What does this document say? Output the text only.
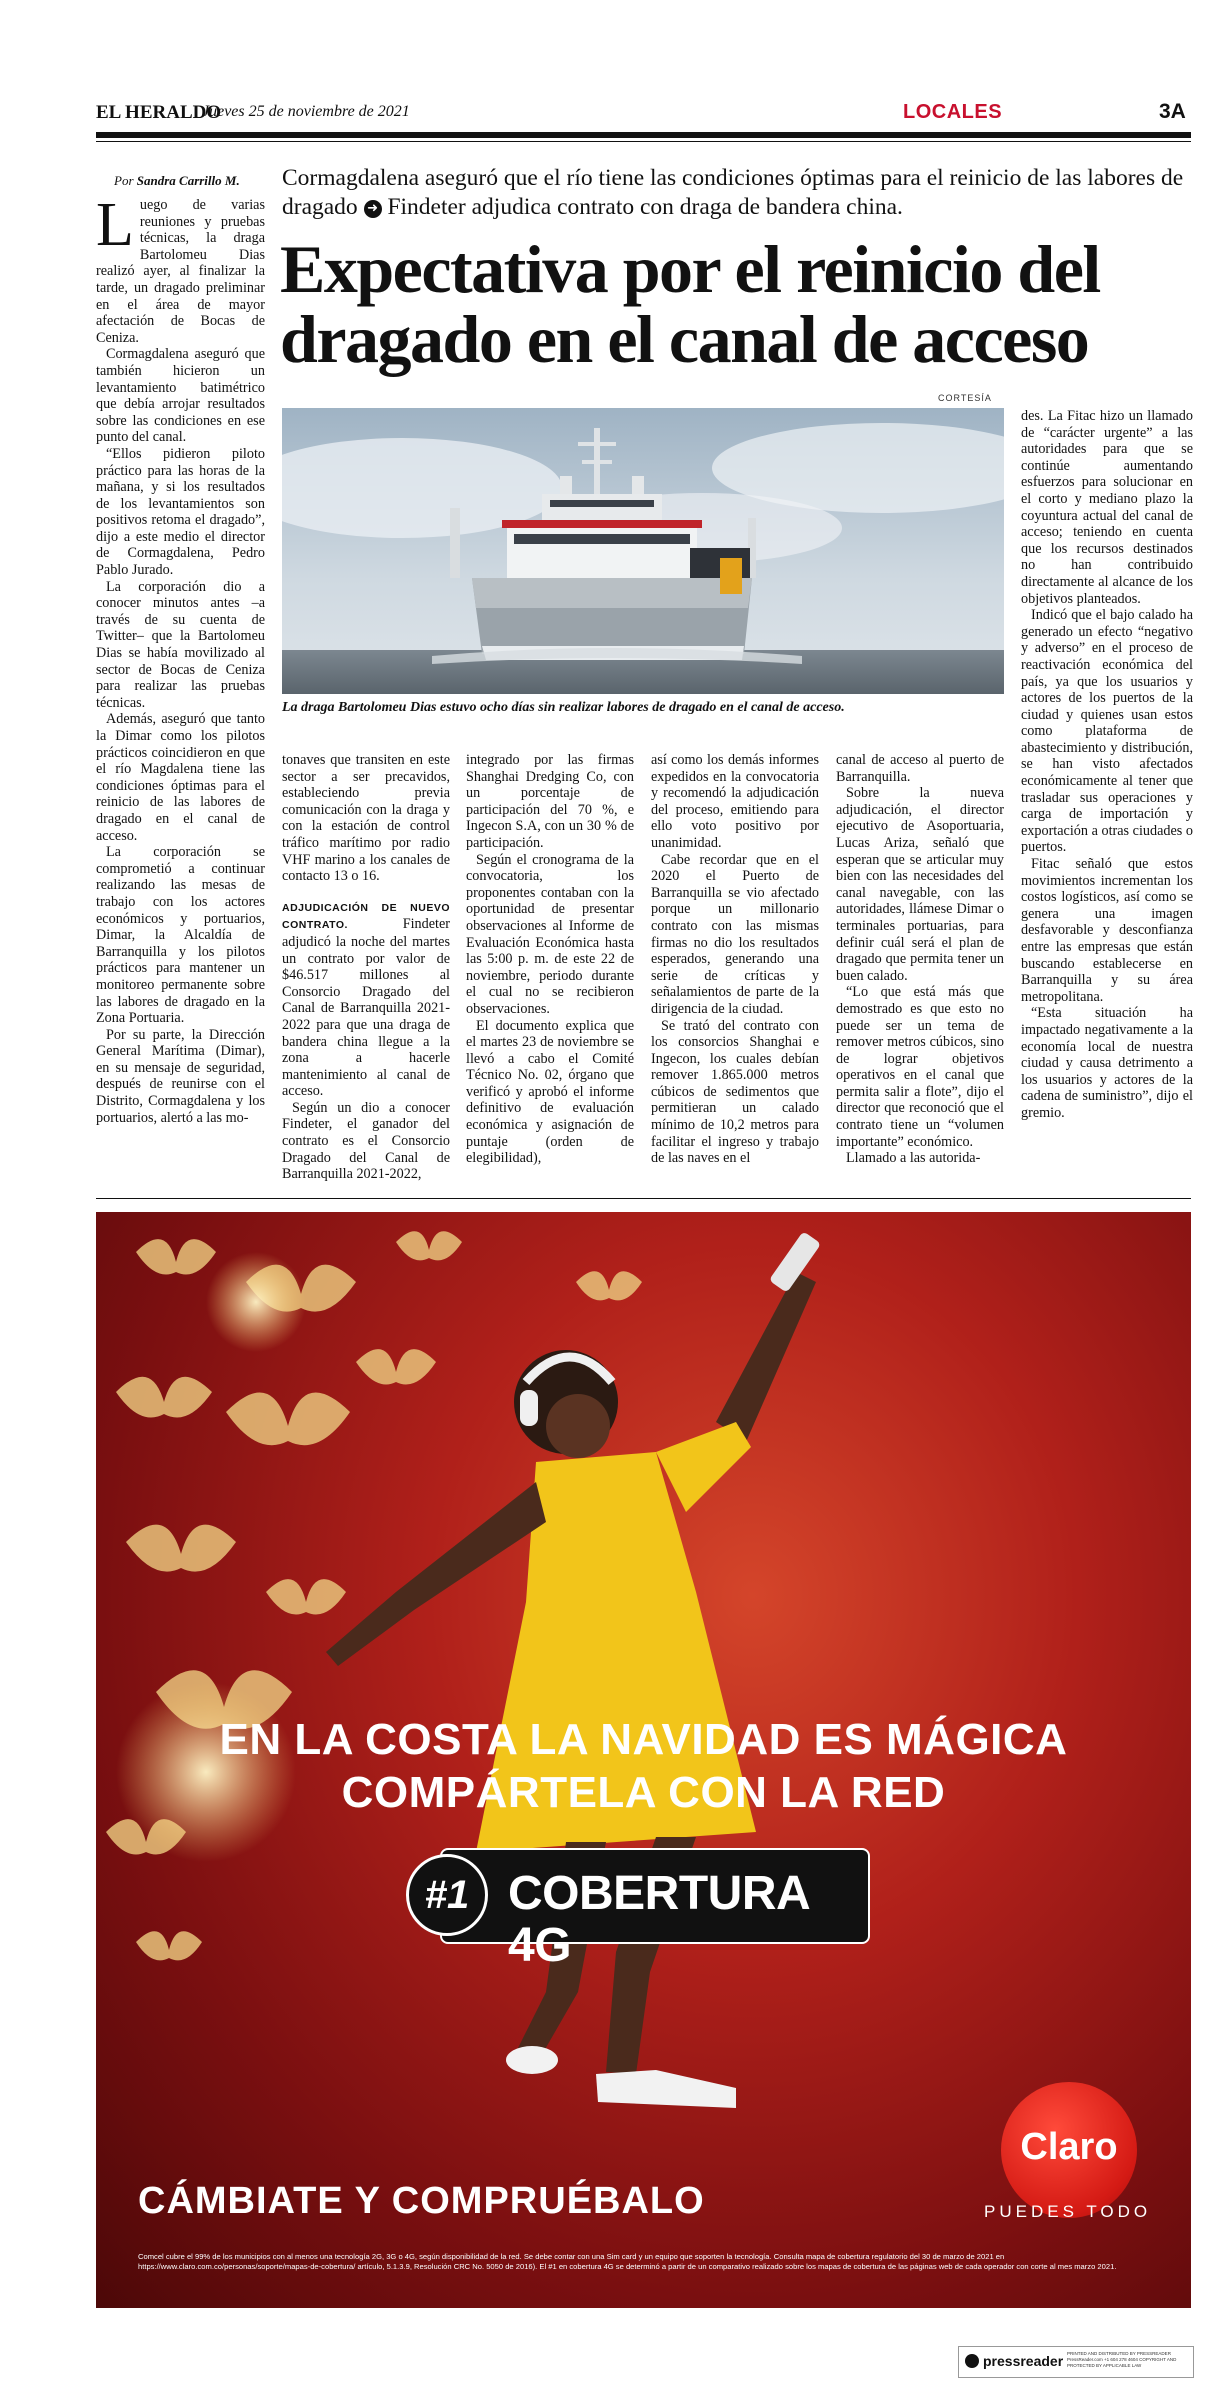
EL HERALDO
Jueves 25 de noviembre de 2021	LOCALES	3A
Por Sandra Carrillo M.

Luego de varias reuniones y pruebas técnicas, la draga Bartolomeu Dias realizó ayer, al finalizar la tarde, un dragado preliminar en el área de mayor afectación de Bocas de Ceniza.

Cormagdalena aseguró que también hicieron un levantamiento batimétrico que debía arrojar resultados sobre las condiciones en ese punto del canal.

“Ellos pidieron piloto práctico para las horas de la mañana, y si los resultados de los levantamientos son positivos retoma el dragado”, dijo a este medio el director de Cormagdalena, Pedro Pablo Jurado.

La corporación dio a conocer minutos antes –a través de su cuenta de Twitter– que la Bartolomeu Dias se había movilizado al sector de Bocas de Ceniza para realizar las pruebas técnicas.

Además, aseguró que tanto la Dimar como los pilotos prácticos coincidieron en que el río Magdalena tiene las condiciones óptimas para el reinicio de las labores de dragado en el canal de acceso.

La corporación se comprometió a continuar realizando las mesas de trabajo con los actores económicos y portuarios, Dimar, la Alcaldía de Barranquilla y los pilotos prácticos para mantener un monitoreo permanente sobre las labores de dragado en la Zona Portuaria.

Por su parte, la Dirección General Marítima (Dimar), en su mensaje de seguridad, después de reunirse con el Distrito, Cormagdalena y los portuarios, alertó a las mo-

Cormagdalena aseguró que el río tiene las condiciones óptimas para el reinicio de las labores de dragado ➜ Findeter adjudica contrato con draga de bandera china.
Expectativa por el reinicio del dragado en el canal de acceso
CORTESÍA
La draga Bartolomeu Dias estuvo ocho días sin realizar labores de dragado en el canal de acceso.

tonaves que transiten en este sector a ser precavidos, estableciendo previa comunicación con la draga y con la estación de control tráfico marítimo por radio VHF marino a los canales de contacto 13 o 16.

ADJUDICACIÓN DE NUEVO CONTRATO.	Findeter adjudicó la noche del martes un contrato por valor de $46.517 millones al Consorcio Dragado del Canal de Barranquilla 2021-2022 para que una draga de bandera china llegue a la zona a hacerle mantenimiento al canal de acceso.

Según un dio a conocer Findeter, el ganador del contrato es el Consorcio Dragado del Canal de Barranquilla 2021-2022,

integrado por las firmas Shanghai Dredging Co, con un porcentaje de participación del 70 %, e Ingecon S.A, con un 30 % de participación.

Según el cronograma de la convocatoria, los proponentes contaban con la oportunidad de presentar observaciones al Informe de Evaluación Económica hasta las 5:00 p. m. de este 22 de noviembre, periodo durante el cual no se recibieron observaciones.

El documento explica que el martes 23 de noviembre se llevó a cabo el Comité Técnico No. 02, órgano que verificó y aprobó el informe definitivo de evaluación económica y asignación de puntaje (orden de elegibilidad),

así como los demás informes expedidos en la convocatoria y recomendó la adjudicación del proceso, emitiendo para ello voto positivo por unanimidad.

Cabe recordar que en el 2020 el Puerto de Barranquilla se vio afectado porque un millonario contrato con las mismas firmas no dio los resultados esperados, generando una serie de críticas y señalamientos de parte de la dirigencia de la ciudad.

Se trató del contrato con los consorcios Shanghai e Ingecon, los cuales debían remover 1.865.000 metros cúbicos de sedimentos que permitieran un calado mínimo de 10,2 metros para facilitar el ingreso y trabajo de las naves en el

canal de acceso al puerto de Barranquilla.

Sobre la nueva adjudicación, el director ejecutivo de Asoportuaria, Lucas Ariza, señaló que esperan que se articular muy bien con las necesidades del canal navegable, con las autoridades, llámese Dimar o terminales portuarias, para definir cuál será el plan de dragado que permita tener un buen calado.

“Lo que está más que demostrado es que esto no puede ser un tema de remover metros cúbicos, sino de lograr objetivos operativos en el canal que permita salir a flote”, dijo el director que reconoció que el contrato tiene un “volumen importante” económico.

Llamado a las autorida-

des. La Fitac hizo un llamado de “carácter urgente” a las autoridades para que se continúe aumentando esfuerzos para solucionar en el corto y mediano plazo la coyuntura actual del canal de acceso; teniendo en cuenta que los recursos destinados no han contribuido directamente al alcance de los objetivos planteados.

Indicó que el bajo calado ha generado un efecto “negativo y adverso” en el proceso de reactivación económica del país, ya que los usuarios y actores de los puertos de la ciudad y quienes usan estos como plataforma de abastecimiento y distribución, se han visto afectados económicamente al tener que trasladar sus operaciones y carga de importación y exportación a otras ciudades o puertos.

Fitac señaló que estos movimientos incrementan los costos logísticos, así como se genera una imagen desfavorable y desconfianza entre las empresas que están buscando establecerse en Barranquilla y su área metropolitana.

“Esta situación ha impactado negativamente a la economía local de nuestra ciudad y causa detrimento a los usuarios y actores de la cadena de suministro”, dijo el gremio.

EN LA COSTA LA NAVIDAD ES MÁGICA
COMPÁRTELA CON LA RED
#1 COBERTURA 4G
CÁMBIATE Y COMPRUÉBALO
Claro
PUEDES TODO
Comcel cubre el 99% de los municipios con al menos una tecnología 2G, 3G o 4G, según disponibilidad de la red. Se debe contar con una Sim card y un equipo que soporten la tecnología. Consulta mapa de cobertura regulatorio del 30 de marzo de 2021 en https://www.claro.com.co/personas/soporte/mapas-de-cobertura/ artículo, 5.1.3.9, Resolución CRC No. 5050 de 2016). El #1 en cobertura 4G se determinó a partir de un comparativo realizado sobre los mapas de cobertura de las páginas web de cada operador con corte al mes marzo 2021.
pressreader PRINTED AND DISTRIBUTED BY PRESSREADER PressReader.com +1 604 278 4604 COPYRIGHT AND PROTECTED BY APPLICABLE LAW
